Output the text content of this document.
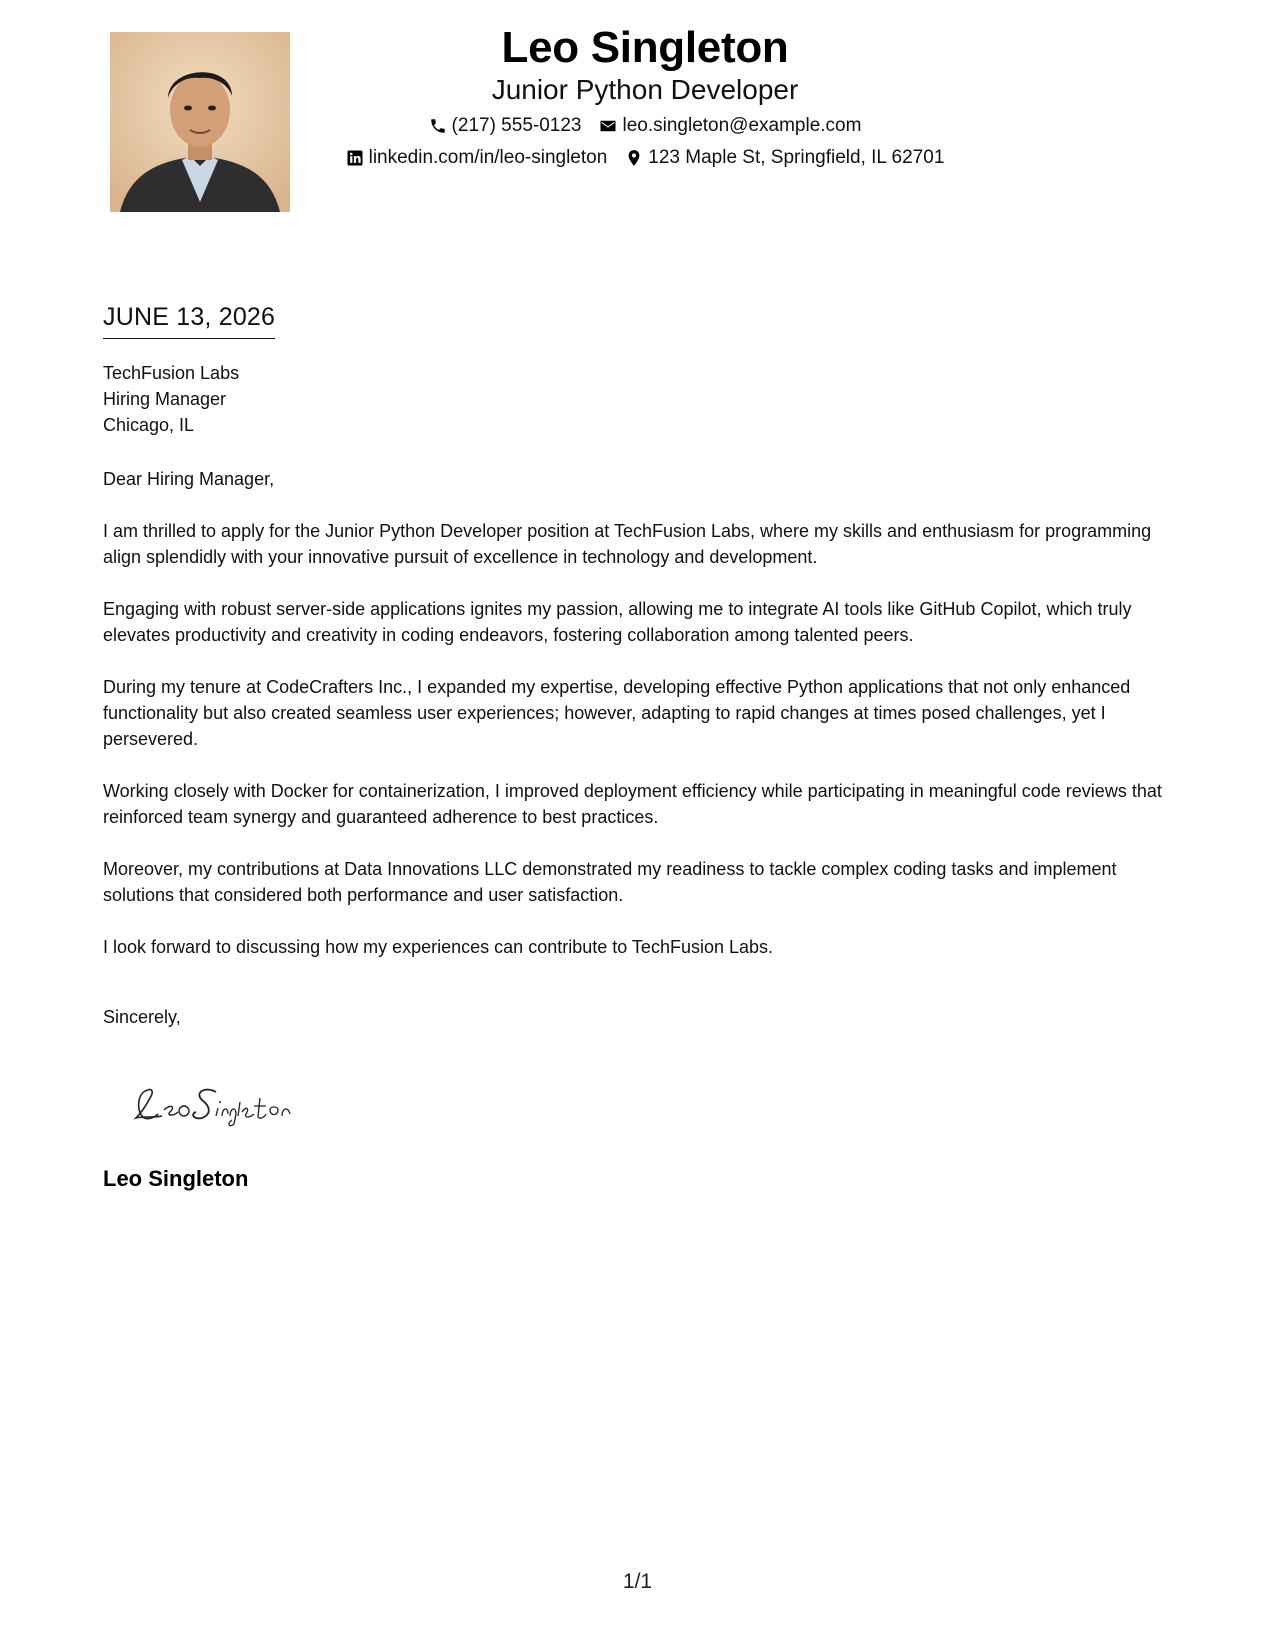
Leo Singleton
Junior Python Developer
(217) 555-0123 leo.singleton@example.com
linkedin.com/in/leo-singleton 123 Maple St, Springfield, IL 62701
JUNE 13, 2026
TechFusion Labs
Hiring Manager
Chicago, IL
Dear Hiring Manager,
I am thrilled to apply for the Junior Python Developer position at TechFusion Labs, where my skills and enthusiasm for programming align splendidly with your innovative pursuit of excellence in technology and development.
Engaging with robust server-side applications ignites my passion, allowing me to integrate AI tools like GitHub Copilot, which truly elevates productivity and creativity in coding endeavors, fostering collaboration among talented peers.
During my tenure at CodeCrafters Inc., I expanded my expertise, developing effective Python applications that not only enhanced functionality but also created seamless user experiences; however, adapting to rapid changes at times posed challenges, yet I persevered.
Working closely with Docker for containerization, I improved deployment efficiency while participating in meaningful code reviews that reinforced team synergy and guaranteed adherence to best practices.
Moreover, my contributions at Data Innovations LLC demonstrated my readiness to tackle complex coding tasks and implement solutions that considered both performance and user satisfaction.
I look forward to discussing how my experiences can contribute to TechFusion Labs.
Sincerely,
Leo Singleton
1/1
